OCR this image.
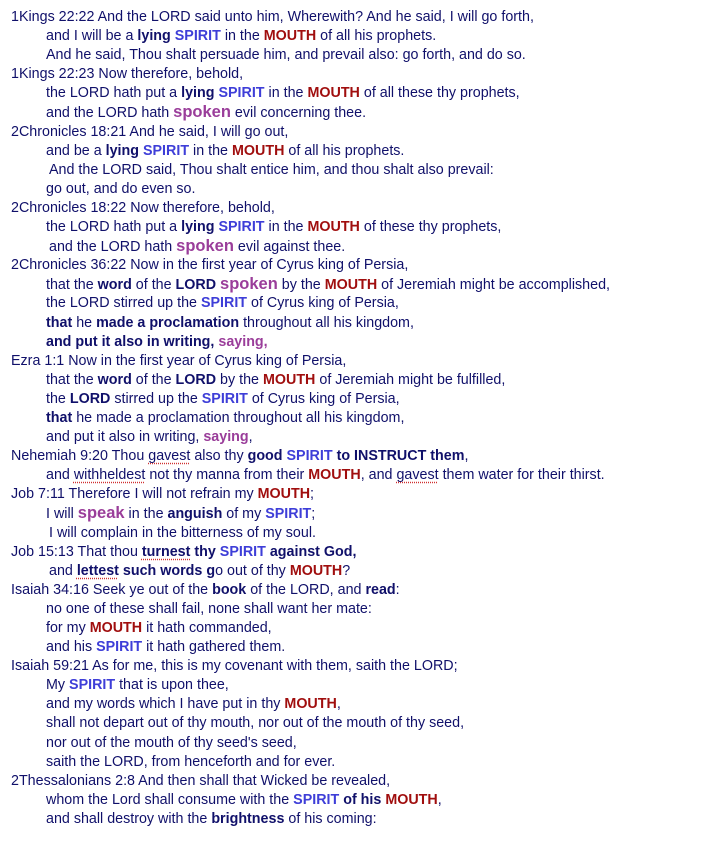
1Kings 22:22 And the LORD said unto him, Wherewith? And he said, I will go forth,
and I will be a lying SPIRIT in the MOUTH of all his prophets.
And he said, Thou shalt persuade him, and prevail also: go forth, and do so.
1Kings 22:23 Now therefore, behold,
the LORD hath put a lying SPIRIT in the MOUTH of all these thy prophets,
and the LORD hath spoken evil concerning thee.
2Chronicles 18:21 And he said, I will go out,
and be a lying SPIRIT in the MOUTH of all his prophets.
And the LORD said, Thou shalt entice him, and thou shalt also prevail:
go out, and do even so.
2Chronicles 18:22 Now therefore, behold,
the LORD hath put a lying SPIRIT in the MOUTH of these thy prophets,
and the LORD hath spoken evil against thee.
2Chronicles 36:22 Now in the first year of Cyrus king of Persia,
that the word of the LORD spoken by the MOUTH of Jeremiah might be accomplished,
the LORD stirred up the SPIRIT of Cyrus king of Persia,
that he made a proclamation throughout all his kingdom,
and put it also in writing, saying,
Ezra 1:1 Now in the first year of Cyrus king of Persia,
that the word of the LORD by the MOUTH of Jeremiah might be fulfilled,
the LORD stirred up the SPIRIT of Cyrus king of Persia,
that he made a proclamation throughout all his kingdom,
and put it also in writing, saying,
Nehemiah 9:20 Thou gavest also thy good SPIRIT to INSTRUCT them,
and withheldest not thy manna from their MOUTH, and gavest them water for their thirst.
Job 7:11 Therefore I will not refrain my MOUTH;
I will speak in the anguish of my SPIRIT;
I will complain in the bitterness of my soul.
Job 15:13 That thou turnest thy SPIRIT against God,
and lettest such words go out of thy MOUTH?
Isaiah 34:16 Seek ye out of the book of the LORD, and read:
no one of these shall fail, none shall want her mate:
for my MOUTH it hath commanded,
and his SPIRIT it hath gathered them.
Isaiah 59:21 As for me, this is my covenant with them, saith the LORD;
My SPIRIT that is upon thee,
and my words which I have put in thy MOUTH,
shall not depart out of thy mouth, nor out of the mouth of thy seed,
nor out of the mouth of thy seed's seed,
saith the LORD, from henceforth and for ever.
2Thessalonians 2:8 And then shall that Wicked be revealed,
whom the Lord shall consume with the SPIRIT of his MOUTH,
and shall destroy with the brightness of his coming:
